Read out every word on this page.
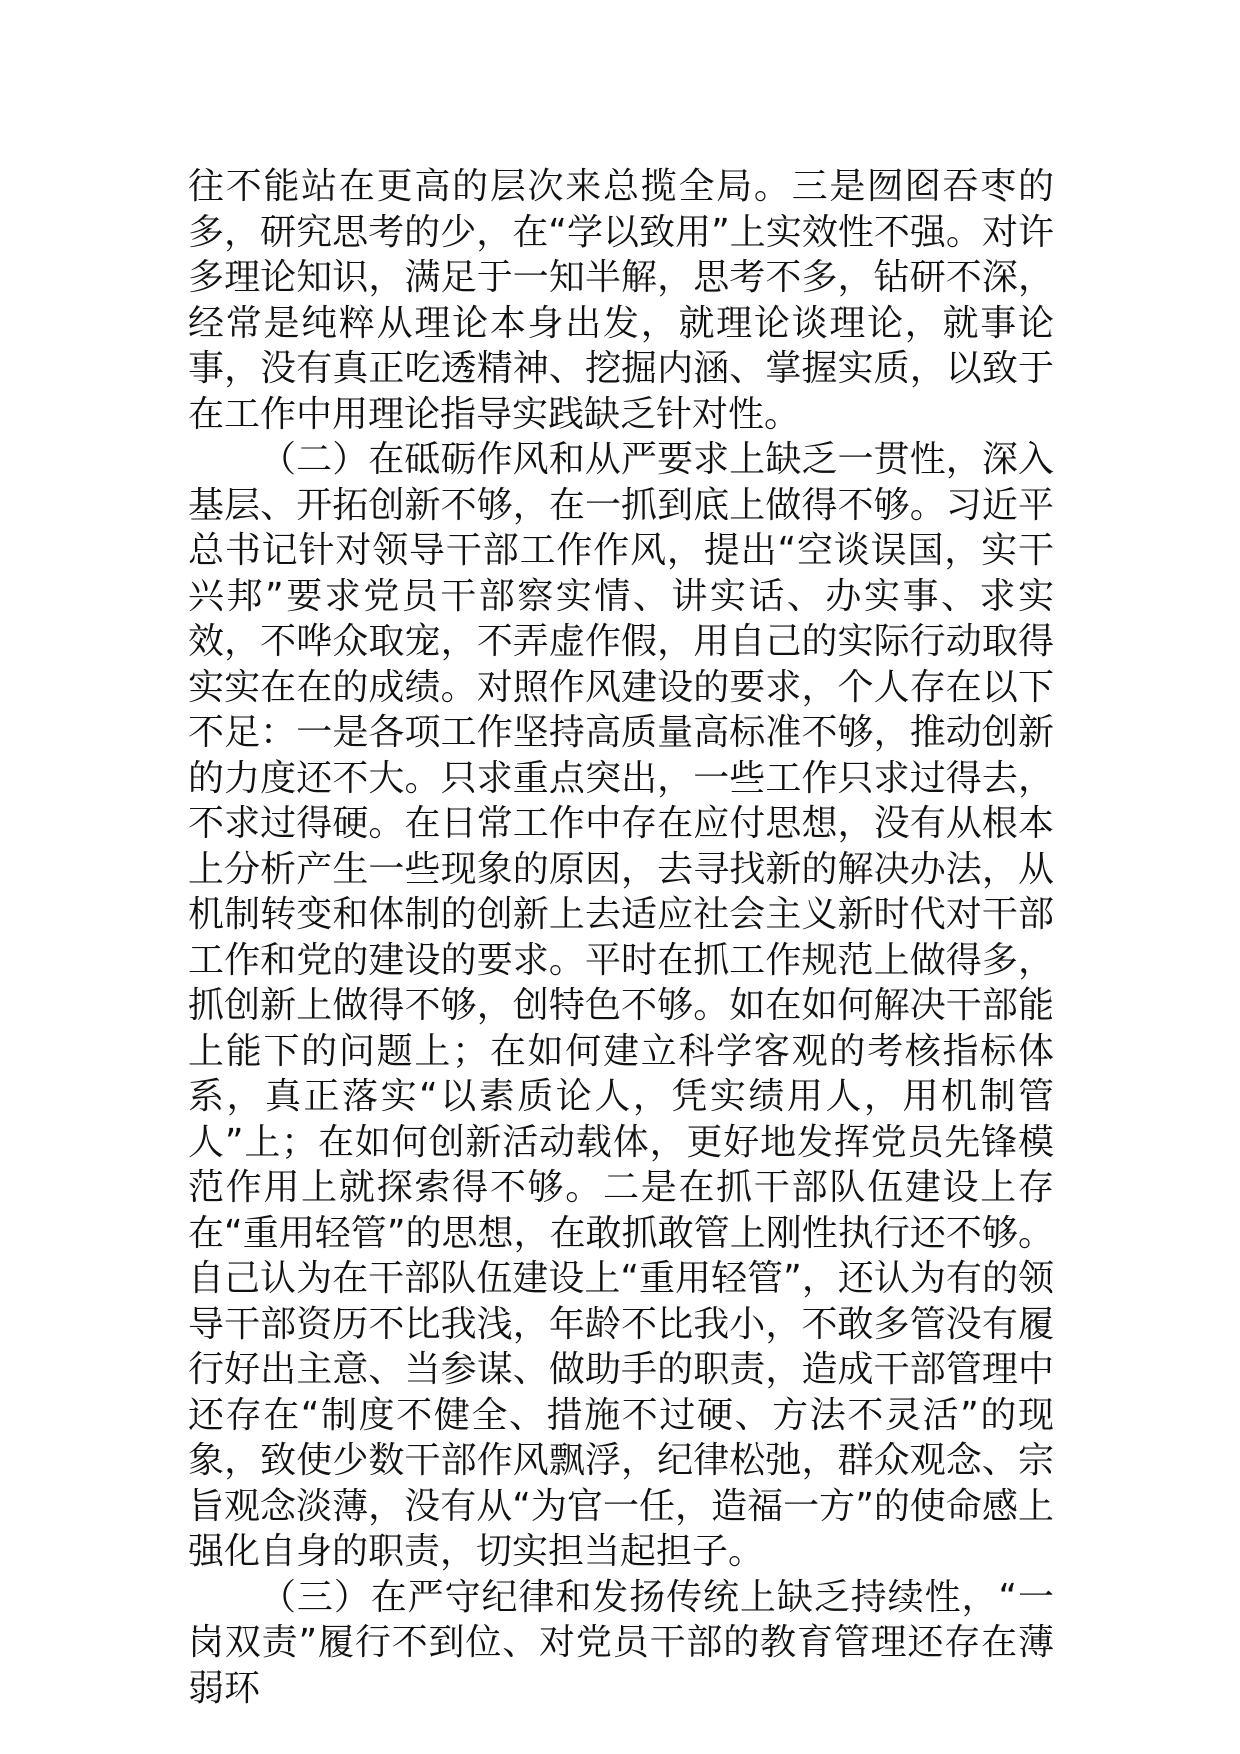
往不能站在更高的层次来总揽全局。三是囫囵吞枣的多，研究思考的少，在“学以致用”上实效性不强。对许多理论知识，满足于一知半解，思考不多，钻研不深，经常是纯粹从理论本身出发，就理论谈理论，就事论事，没有真正吃透精神、挖掘内涵、掌握实质，以致于在工作中用理论指导实践缺乏针对性。

（二）在砥砺作风和从严要求上缺乏一贯性，深入基层、开拓创新不够，在一抓到底上做得不够。习近平总书记针对领导干部工作作风，提出“空谈误国，实干兴邦”要求党员干部察实情、讲实话、办实事、求实效，不哗众取宠，不弄虚作假，用自己的实际行动取得实实在在的成绩。对照作风建设的要求，个人存在以下不足：一是各项工作坚持高质量高标准不够，推动创新的力度还不大。只求重点突出，一些工作只求过得去，不求过得硬。在日常工作中存在应付思想，没有从根本上分析产生一些现象的原因，去寻找新的解决办法，从机制转变和体制的创新上去适应社会主义新时代对干部工作和党的建设的要求。平时在抓工作规范上做得多，抓创新上做得不够，创特色不够。如在如何解决干部能上能下的问题上；在如何建立科学客观的考核指标体系，真正落实“以素质论人，凭实绩用人，用机制管人”上；在如何创新活动载体，更好地发挥党员先锋模范作用上就探索得不够。二是在抓干部队伍建设上存在“重用轻管”的思想，在敢抓敢管上刚性执行还不够。自己认为在干部队伍建设上“重用轻管”，还认为有的领导干部资历不比我浅，年龄不比我小，不敢多管没有履行好出主意、当参谋、做助手的职责，造成干部管理中还存在“制度不健全、措施不过硬、方法不灵活”的现象，致使少数干部作风飘浮，纪律松弛，群众观念、宗旨观念淡薄，没有从“为官一任，造福一方”的使命感上强化自身的职责，切实担当起担子。

（三）在严守纪律和发扬传统上缺乏持续性，“一岗双责”履行不到位、对党员干部的教育管理还存在薄弱环
